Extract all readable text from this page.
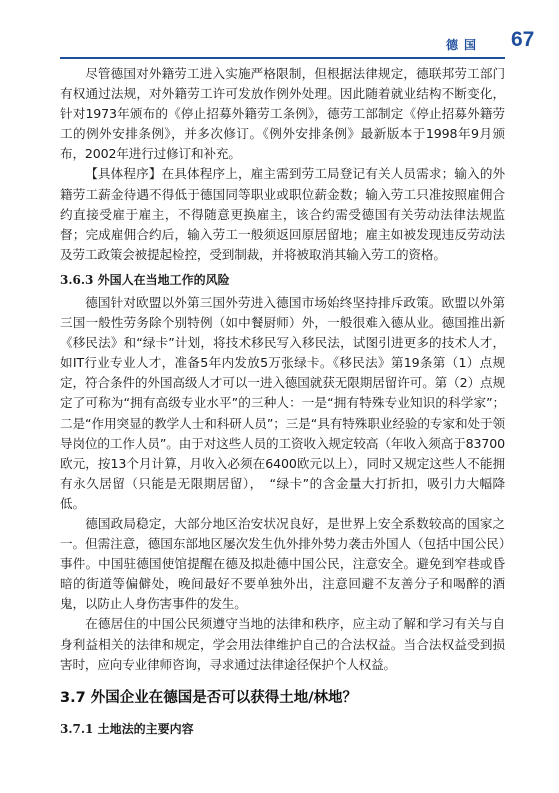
德国 67

尽管德国对外籍劳工进入实施严格限制，但根据法律规定，德联邦劳工部门有权通过法规，对外籍劳工许可发放作例外处理。因此随着就业结构不断变化，针对1973年颁布的《停止招募外籍劳工条例》，德劳工部制定《停止招募外籍劳工的例外安排条例》，并多次修订。《例外安排条例》最新版本于1998年9月颁布，2002年进行过修订和补充。

【具体程序】在具体程序上，雇主需到劳工局登记有关人员需求；输入的外籍劳工薪金待遇不得低于德国同等职业或职位薪金数；输入劳工只准按照雇佣合约直接受雇于雇主，不得随意更换雇主，该合约需受德国有关劳动法律法规监督；完成雇佣合约后，输入劳工一般须返回原居留地；雇主如被发现违反劳动法及劳工政策会被提起检控，受到制裁，并将被取消其输入劳工的资格。

3.6.3 外国人在当地工作的风险

德国针对欧盟以外第三国外劳进入德国市场始终坚持排斥政策。欧盟以外第三国一般性劳务除个别特例（如中餐厨师）外，一般很难入德从业。德国推出新《移民法》和“绿卡”计划，将技术移民写入移民法，试图引进更多的技术人才，如IT行业专业人才，准备5年内发放5万张绿卡。《移民法》第19条第（1）点规定，符合条件的外国高级人才可以一进入德国就获无限期居留许可。第（2）点规定了可称为“拥有高级专业水平”的三种人：一是“拥有特殊专业知识的科学家”；二是“作用突显的教学人士和科研人员”；三是“具有特殊职业经验的专家和处于领导岗位的工作人员”。由于对这些人员的工资收入规定较高（年收入须高于83700欧元，按13个月计算，月收入必须在6400欧元以上），同时又规定这些人不能拥有永久居留（只能是无限期居留），　“绿卡”的含金量大打折扣，吸引力大幅降低。

德国政局稳定，大部分地区治安状况良好，是世界上安全系数较高的国家之一。但需注意，德国东部地区屡次发生仇外排外势力袭击外国人（包括中国公民）事件。中国驻德国使馆提醒在德及拟赴德中国公民，注意安全。避免到窄巷或昏暗的街道等偏僻处，晚间最好不要单独外出，注意回避不友善分子和喝醉的酒鬼，以防止人身伤害事件的发生。

在德居住的中国公民须遵守当地的法律和秩序，应主动了解和学习有关与自身利益相关的法律和规定，学会用法律维护自己的合法权益。当合法权益受到损害时，应向专业律师咨询，寻求通过法律途径保护个人权益。

3.7 外国企业在德国是否可以获得土地/林地？
3.7.1 土地法的主要内容
